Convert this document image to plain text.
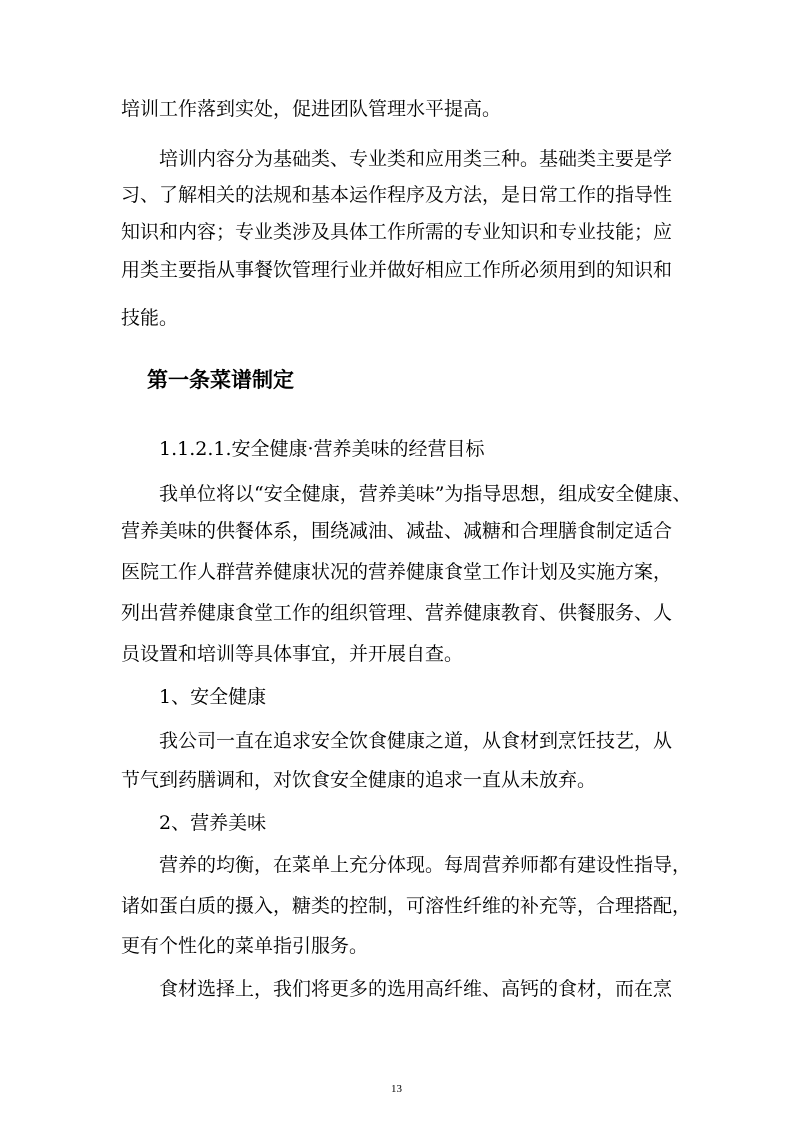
培训工作落到实处，促进团队管理水平提高。
培训内容分为基础类、专业类和应用类三种。基础类主要是学
习、了解相关的法规和基本运作程序及方法，是日常工作的指导性
知识和内容；专业类涉及具体工作所需的专业知识和专业技能；应
用类主要指从事餐饮管理行业并做好相应工作所必须用到的知识和
技能。
第一条菜谱制定
1.1.2.1.安全健康·营养美味的经营目标
我单位将以“安全健康，营养美味”为指导思想，组成安全健康、
营养美味的供餐体系，围绕减油、减盐、减糖和合理膳食制定适合
医院工作人群营养健康状况的营养健康食堂工作计划及实施方案，
列出营养健康食堂工作的组织管理、营养健康教育、供餐服务、人
员设置和培训等具体事宜，并开展自查。
1、安全健康
我公司一直在追求安全饮食健康之道，从食材到烹饪技艺，从
节气到药膳调和，对饮食安全健康的追求一直从未放弃。
2、营养美味
营养的均衡，在菜单上充分体现。每周营养师都有建设性指导，
诸如蛋白质的摄入，糖类的控制，可溶性纤维的补充等，合理搭配，
更有个性化的菜单指引服务。
食材选择上，我们将更多的选用高纤维、高钙的食材，而在烹
13
